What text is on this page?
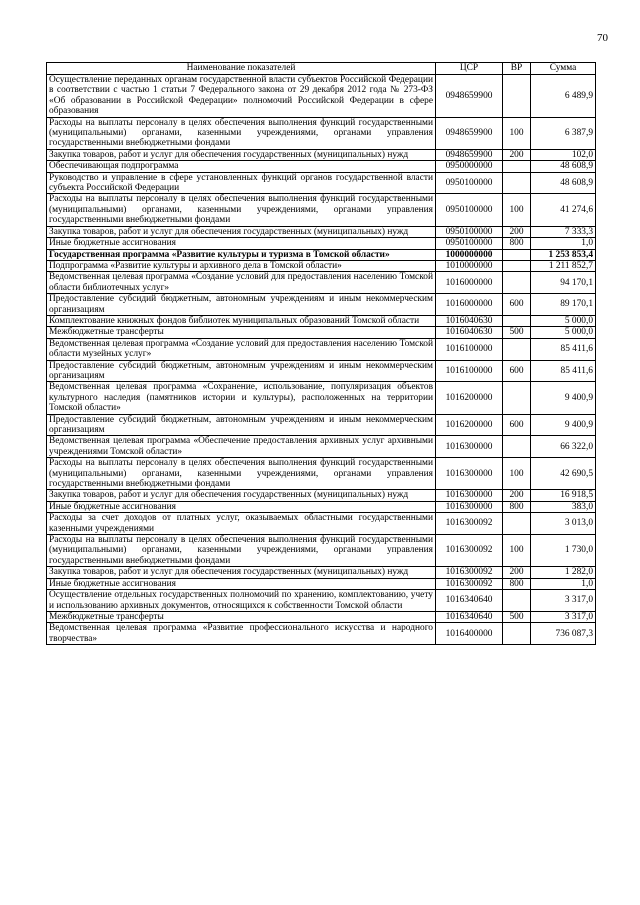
70
Наименование показателей	ЦСР	ВР	Сумма
Осуществление переданных органам государственной власти субъектов Российской Федерации в соответствии с частью 1 статьи 7 Федерального закона от 29 декабря 2012 года № 273-ФЗ «Об образовании в Российской Федерации» полномочий Российской Федерации в сфере образования	0948659900		6 489,9
Расходы на выплаты персоналу в целях обеспечения выполнения функций государственными (муниципальными) органами, казенными учреждениями, органами управления государственными внебюджетными фондами	0948659900	100	6 387,9
Закупка товаров, работ и услуг для обеспечения государственных (муниципальных) нужд	0948659900	200	102,0
Обеспечивающая подпрограмма	0950000000		48 608,9
Руководство и управление в сфере установленных функций органов государственной власти субъекта Российской Федерации	0950100000		48 608,9
Расходы на выплаты персоналу в целях обеспечения выполнения функций государственными (муниципальными) органами, казенными учреждениями, органами управления государственными внебюджетными фондами	0950100000	100	41 274,6
Закупка товаров, работ и услуг для обеспечения государственных (муниципальных) нужд	0950100000	200	7 333,3
Иные бюджетные ассигнования	0950100000	800	1,0
Государственная программа «Развитие культуры и туризма в Томской области»	1000000000		1 253 853,4
Подпрограмма «Развитие культуры и архивного дела в Томской области»	1010000000		1 211 852,7
Ведомственная целевая программа «Создание условий для предоставления населению Томской области библиотечных услуг»	1016000000		94 170,1
Предоставление субсидий бюджетным, автономным учреждениям и иным некоммерческим организациям	1016000000	600	89 170,1
Комплектование книжных фондов библиотек муниципальных образований Томской области	1016040630		5 000,0
Межбюджетные трансферты	1016040630	500	5 000,0
Ведомственная целевая программа «Создание условий для предоставления населению Томской области музейных услуг»	1016100000		85 411,6
Предоставление субсидий бюджетным, автономным учреждениям и иным некоммерческим организациям	1016100000	600	85 411,6
Ведомственная целевая программа «Сохранение, использование, популяризация объектов культурного наследия (памятников истории и культуры), расположенных на территории Томской области»	1016200000		9 400,9
Предоставление субсидий бюджетным, автономным учреждениям и иным некоммерческим организациям	1016200000	600	9 400,9
Ведомственная целевая программа «Обеспечение предоставления архивных услуг архивными учреждениями Томской области»	1016300000		66 322,0
Расходы на выплаты персоналу в целях обеспечения выполнения функций государственными (муниципальными) органами, казенными учреждениями, органами управления государственными внебюджетными фондами	1016300000	100	42 690,5
Закупка товаров, работ и услуг для обеспечения государственных (муниципальных) нужд	1016300000	200	16 918,5
Иные бюджетные ассигнования	1016300000	800	383,0
Расходы за счет доходов от платных услуг, оказываемых областными государственными казенными учреждениями	1016300092		3 013,0
Расходы на выплаты персоналу в целях обеспечения выполнения функций государственными (муниципальными) органами, казенными учреждениями, органами управления государственными внебюджетными фондами	1016300092	100	1 730,0
Закупка товаров, работ и услуг для обеспечения государственных (муниципальных) нужд	1016300092	200	1 282,0
Иные бюджетные ассигнования	1016300092	800	1,0
Осуществление отдельных государственных полномочий по хранению, комплектованию, учету и использованию архивных документов, относящихся к собственности Томской области	1016340640		3 317,0
Межбюджетные трансферты	1016340640	500	3 317,0
Ведомственная целевая программа «Развитие профессионального искусства и народного творчества»	1016400000		736 087,3
